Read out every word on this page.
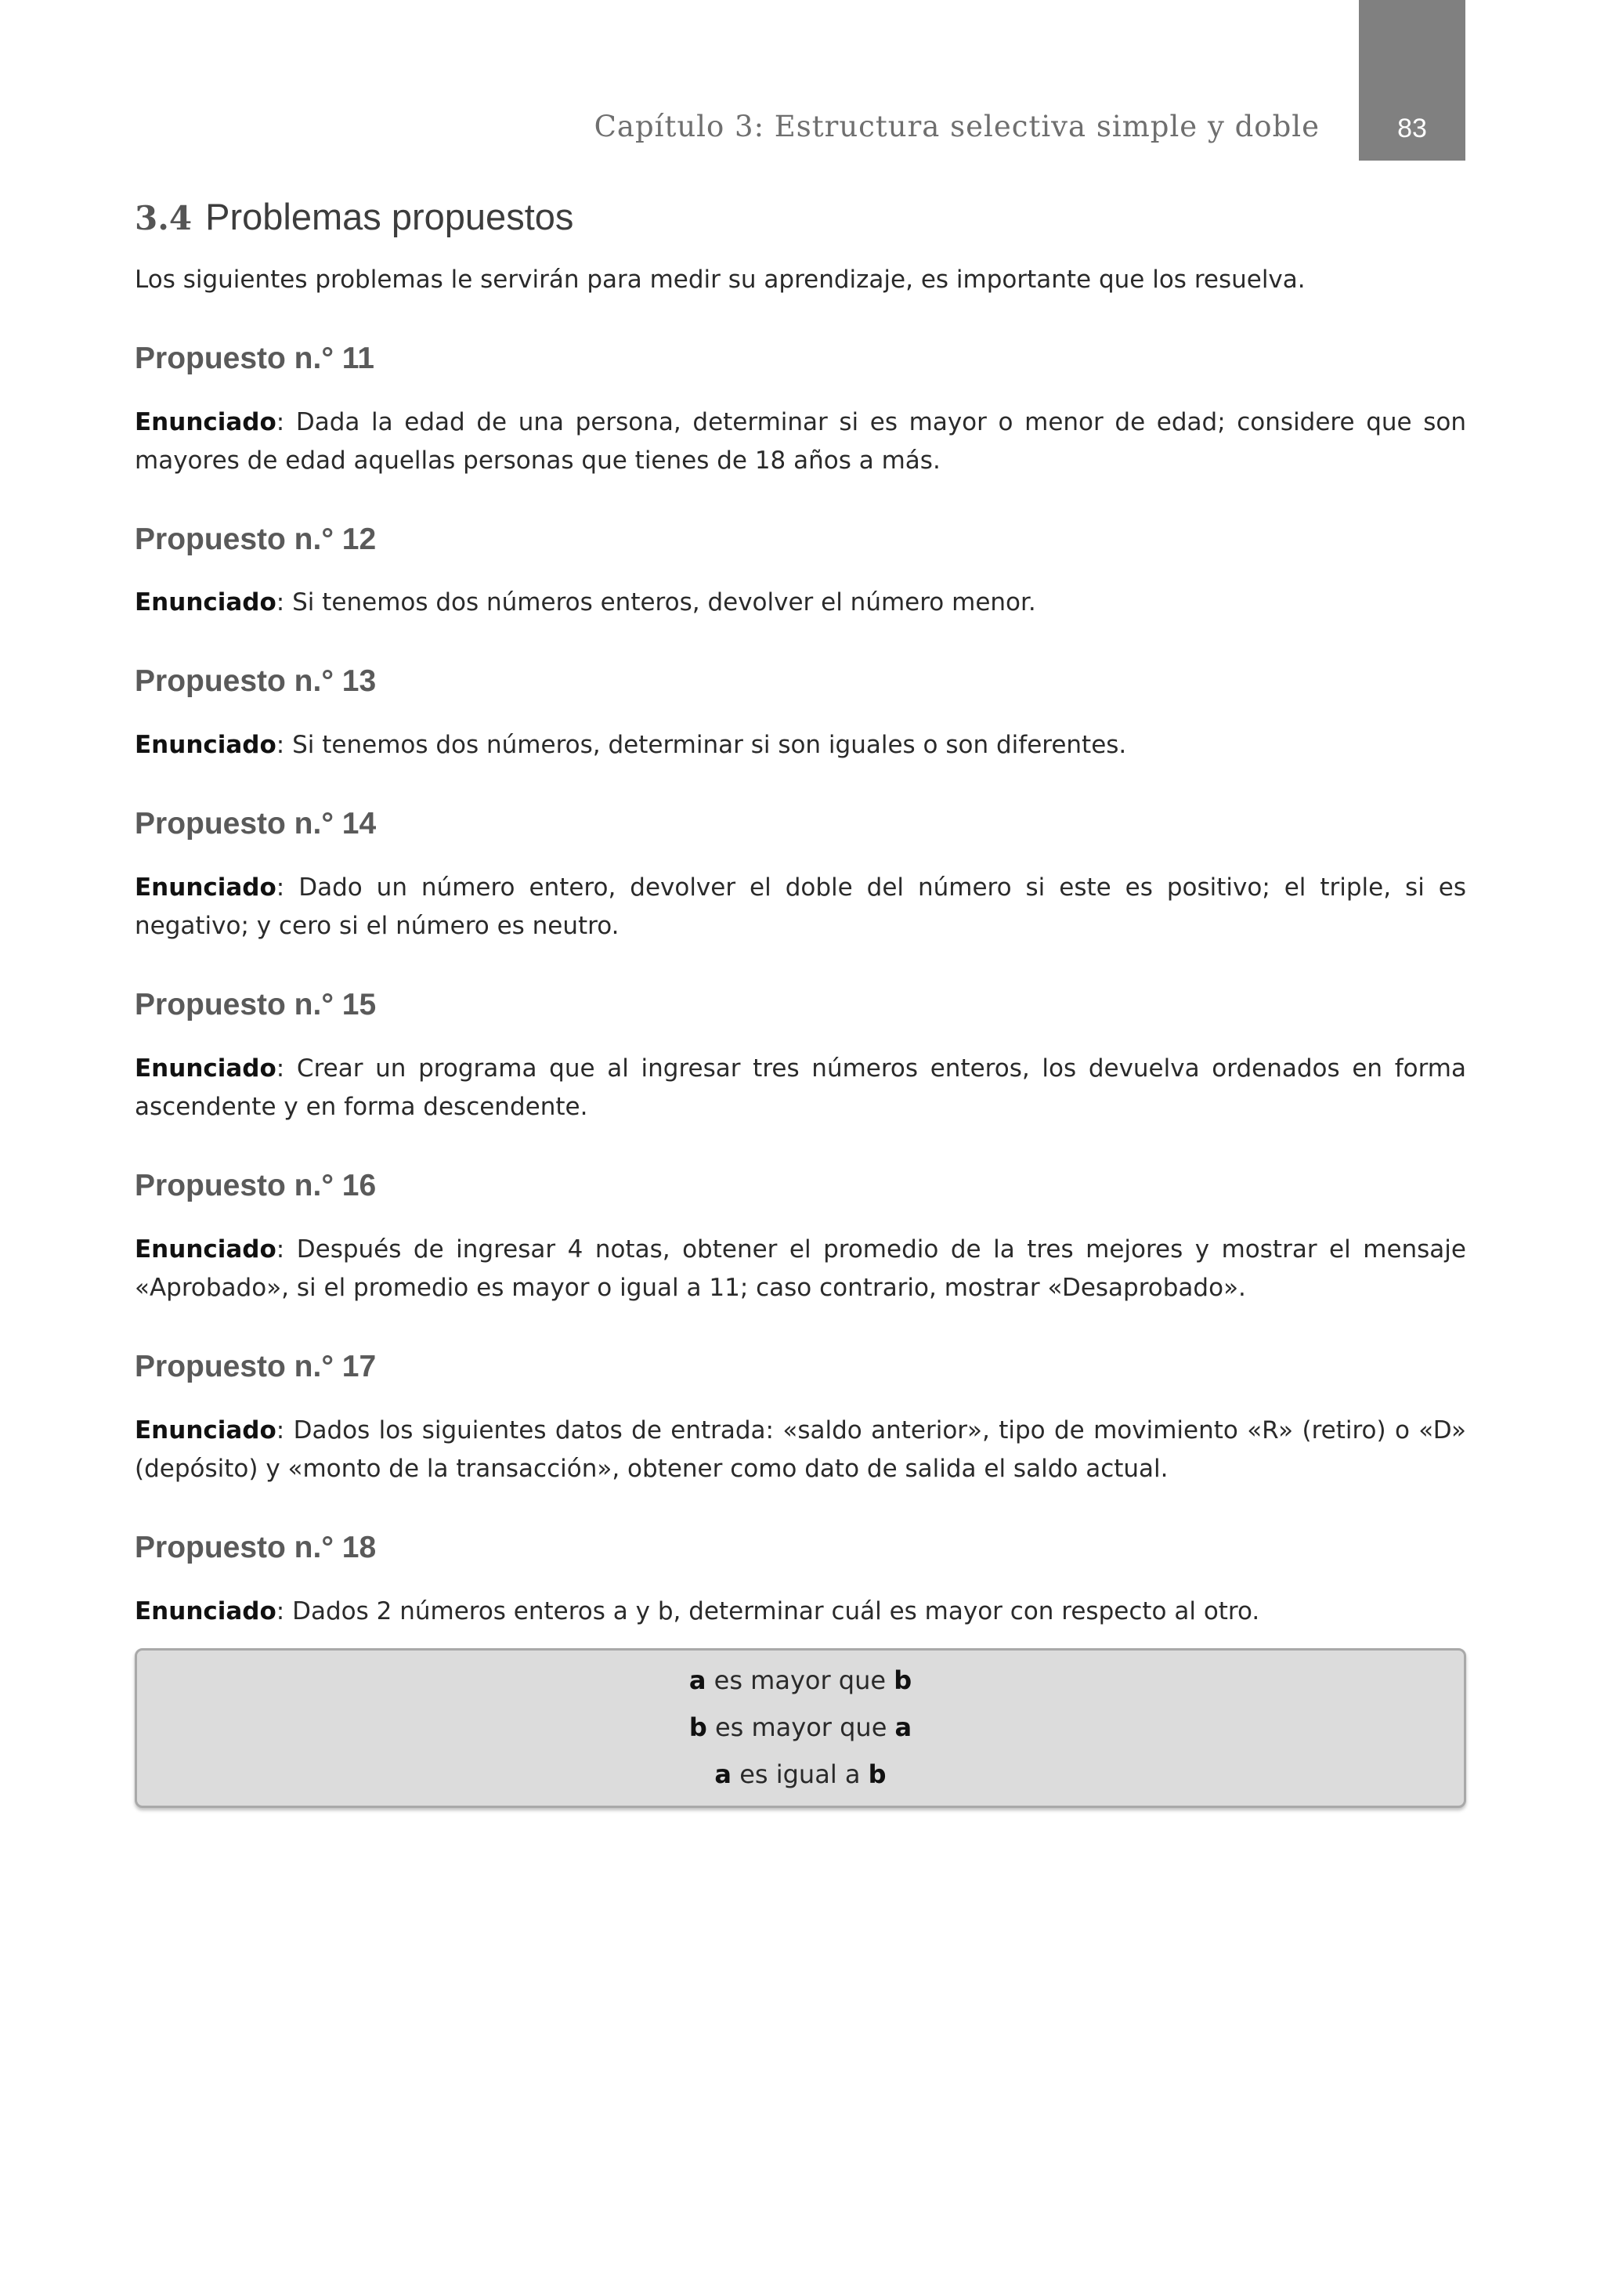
Capítulo 3: Estructura selectiva simple y doble	83
3.4 Problemas propuestos

Los siguientes problemas le servirán para medir su aprendizaje, es importante que los resuelva.

Propuesto n.° 11

Enunciado: Dada la edad de una persona, determinar si es mayor o menor de edad; considere que son mayores de edad aquellas personas que tienes de 18 años a más.

Propuesto n.° 12

Enunciado: Si tenemos dos números enteros, devolver el número menor.

Propuesto n.° 13

Enunciado: Si tenemos dos números, determinar si son iguales o son diferentes.

Propuesto n.° 14

Enunciado: Dado un número entero, devolver el doble del número si este es positivo; el triple, si es negativo; y cero si el número es neutro.

Propuesto n.° 15

Enunciado: Crear un programa que al ingresar tres números enteros, los devuelva ordenados en forma ascendente y en forma descendente.

Propuesto n.° 16

Enunciado: Después de ingresar 4 notas, obtener el promedio de la tres mejores y mostrar el mensaje «Aprobado», si el promedio es mayor o igual a 11; caso contrario, mostrar «Desaprobado».

Propuesto n.° 17

Enunciado: Dados los siguientes datos de entrada: «saldo anterior», tipo de movimiento «R» (retiro) o «D» (depósito) y «monto de la transacción», obtener como dato de salida el saldo actual.

Propuesto n.° 18

Enunciado: Dados 2 números enteros a y b, determinar cuál es mayor con respecto al otro.

a es mayor que b
b es mayor que a
a es igual a b
